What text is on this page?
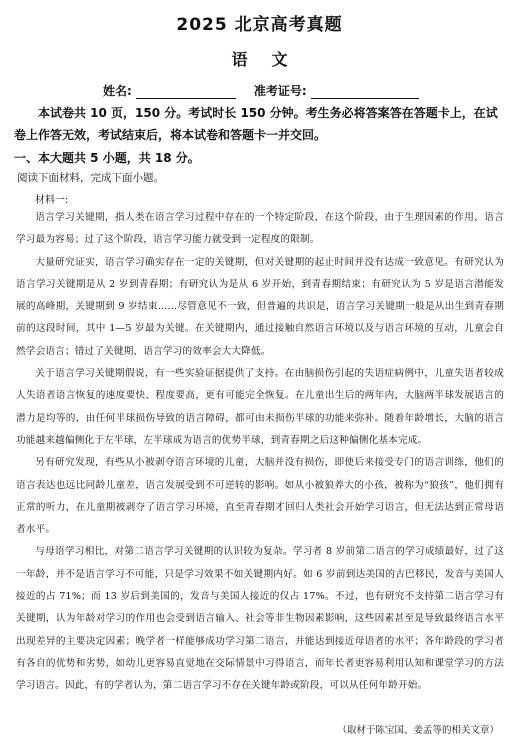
2025 北京高考真题
语文
姓名:	准考证号:
本试卷共 10 页，150 分。考试时长 150 分钟。考生务必将答案答在答题卡上，在试卷上作答无效，考试结束后，将本试卷和答题卡一并交回。
一、本大题共 5 小题，共 18 分。
阅读下面材料，完成下面小题。
材料一:

语言学习关键期，指人类在语言学习过程中存在的一个特定阶段，在这个阶段，由于生理因素的作用，语言学习最为容易；过了这个阶段，语言学习能力就受到一定程度的限制。

大量研究证实，语言学习确实存在一定的关键期，但对关键期的起止时间并没有达成一致意见。有研究认为语言学习关键期是从 2 岁到青春期；有研究认为是从 6 岁开始，到青春期结束；有研究认为 5 岁是语言潜能发展的高峰期，关键期到 9 岁结束……尽管意见不一致，但普遍的共识是，语言学习关键期一般是从出生到青春期前的这段时间，其中 1—5 岁最为关键。在关键期内，通过接触自然语言环境以及与语言环境的互动，儿童会自然学会语言；错过了关键期，语言学习的效率会大大降低。

关于语言学习关键期假说，有一些实验证据提供了支持。在由脑损伤引起的失语症病例中，儿童失语者较成人失语者语言恢复的速度要快、程度要高，更有可能完全恢复。在儿童出生后的两年内，大脑两半球发展语言的潜力是均等的，由任何半球损伤导致的语言障碍，都可由未损伤半球的功能来弥补。随着年龄增长，大脑的语言功能越来越偏侧化于左半球，左半球成为语言的优势半球，到青春期之后这种偏侧化基本完成。

另有研究发现，有些从小被剥夺语言环境的儿童，大脑并没有损伤，即使后来接受专门的语言训练，他们的语言表达也远比同龄儿童差，语言发展受到不可逆转的影响。如从小被狼养大的小孩，被称为“狼孩”，他们拥有正常的听力，在儿童期被剥夺了语言学习环境，直至青春期才回归人类社会开始学习语言，但无法达到正常母语者水平。

与母语学习相比，对第二语言学习关键期的认识较为复杂。学习者 8 岁前第二语言的学习成绩最好，过了这一年龄，并不是语言学习不可能，只是学习效果不如关键期内好。如 6 岁前到达美国的古巴移民，发音与美国人接近的占 71%；而 13 岁后到美国的，发音与美国人接近的仅占 17%。不过，也有研究不支持第二语言学习有关键期，认为年龄对学习的作用也会受到语言输入、社会等非生物因素影响，这些因素甚至是导致最终语言水平出现差异的主要决定因素；晚学者一样能够成功学习第二语言，并能达到接近母语者的水平；各年龄段的学习者有各自的优势和劣势，如幼儿更容易直觉地在交际情景中习得语言，而年长者更容易利用认知和课堂学习的方法学习语言。因此，有的学者认为，第二语言学习不存在关键年龄或阶段，可以从任何年龄开始。

（取材于陈宝国、姜孟等的相关文章）
